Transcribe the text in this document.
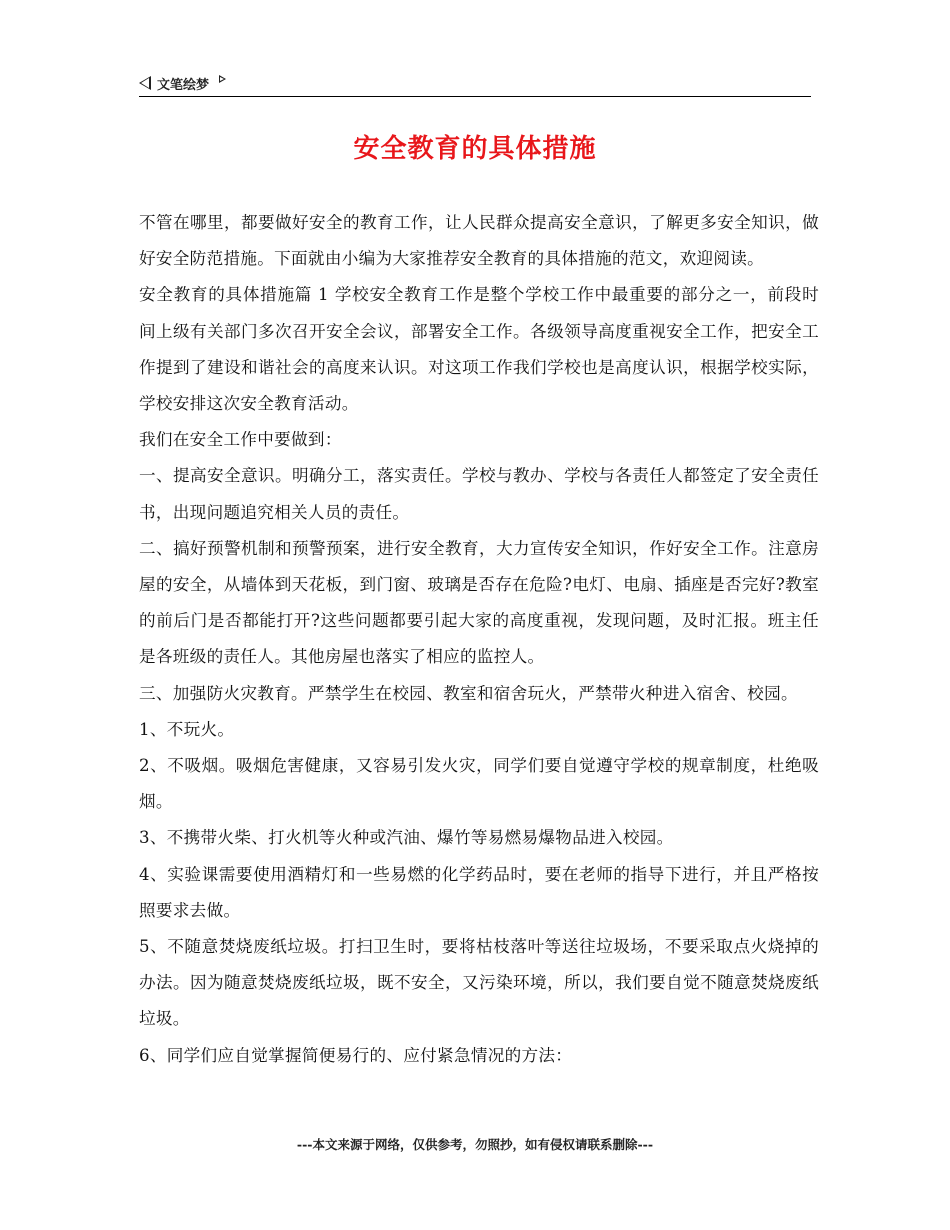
文笔绘梦
安全教育的具体措施

不管在哪里，都要做好安全的教育工作，让人民群众提高安全意识，了解更多安全知识，做好安全防范措施。下面就由小编为大家推荐安全教育的具体措施的范文，欢迎阅读。

安全教育的具体措施篇 1 学校安全教育工作是整个学校工作中最重要的部分之一，前段时间上级有关部门多次召开安全会议，部署安全工作。各级领导高度重视安全工作，把安全工作提到了建设和谐社会的高度来认识。对这项工作我们学校也是高度认识，根据学校实际，学校安排这次安全教育活动。

我们在安全工作中要做到：

一、提高安全意识。明确分工，落实责任。学校与教办、学校与各责任人都签定了安全责任书，出现问题追究相关人员的责任。

二、搞好预警机制和预警预案，进行安全教育，大力宣传安全知识，作好安全工作。注意房屋的安全，从墙体到天花板，到门窗、玻璃是否存在危险?电灯、电扇、插座是否完好?教室的前后门是否都能打开?这些问题都要引起大家的高度重视，发现问题，及时汇报。班主任是各班级的责任人。其他房屋也落实了相应的监控人。

三、加强防火灾教育。严禁学生在校园、教室和宿舍玩火，严禁带火种进入宿舍、校园。

1、不玩火。

2、不吸烟。吸烟危害健康，又容易引发火灾，同学们要自觉遵守学校的规章制度，杜绝吸烟。

3、不携带火柴、打火机等火种或汽油、爆竹等易燃易爆物品进入校园。

4、实验课需要使用酒精灯和一些易燃的化学药品时，要在老师的指导下进行，并且严格按照要求去做。

5、不随意焚烧废纸垃圾。打扫卫生时，要将枯枝落叶等送往垃圾场，不要采取点火烧掉的办法。因为随意焚烧废纸垃圾，既不安全，又污染环境，所以，我们要自觉不随意焚烧废纸垃圾。

6、同学们应自觉掌握简便易行的、应付紧急情况的方法：

---本文来源于网络，仅供参考，勿照抄，如有侵权请联系删除---
